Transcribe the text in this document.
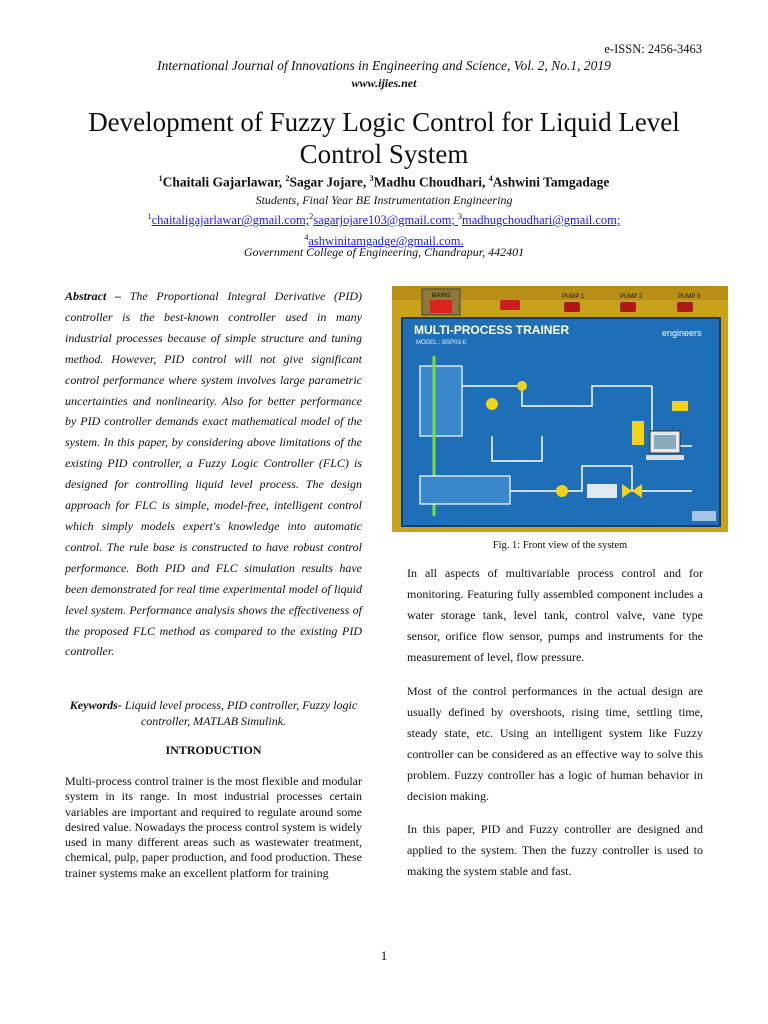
e-ISSN: 2456-3463
International Journal of Innovations in Engineering and Science, Vol. 2, No.1, 2019
www.ijies.net
Development of Fuzzy Logic Control for Liquid Level Control System
$^1$Chaitali Gajarlawar, $^2$Sagar Jojare, $^3$Madhu Choudhari, $^4$Ashwini Tamgadage
Students, Final Year BE Instrumentation Engineering
$^1$chaitaligajarlawar@gmail.com;$^2$sagarjojare103@gmail.com; $^3$madhugchoudhari@gmail.com;
$^4$ashwinitamgadge@gmail.com.
Government College of Engineering, Chandrapur, 442401
Abstract – The Proportional Integral Derivative (PID) controller is the best-known controller used in many industrial processes because of simple structure and tuning method. However, PID control will not give significant control performance where system involves large parametric uncertainties and nonlinearity. Also for better performance by PID controller demands exact mathematical model of the system. In this paper, by considering above limitations of the existing PID controller, a Fuzzy Logic Controller (FLC) is designed for controlling liquid level process. The design approach for FLC is simple, model-free, intelligent control which simply models expert's knowledge into automatic control. The rule base is constructed to have robust control performance. Both PID and FLC simulation results have been demonstrated for real time experimental model of liquid level system. Performance analysis shows the effectiveness of the proposed FLC method as compared to the existing PID controller.
Keywords- Liquid level process, PID controller, Fuzzy logic controller, MATLAB Simulink.
INTRODUCTION
Multi-process control trainer is the most flexible and modular system in its range. In most industrial processes certain variables are important and required to regulate around some desired value. Nowadays the process control system is widely used in many different areas such as wastewater treatment, chemical, pulp, paper production, and food production. These trainer systems make an excellent platform for training
MAINS	PUMP 1	PUMP 2	PUMP 3
MULTI-PROCESS TRAINER
MODEL : BSP03-E
engineers
Fig. 1: Front view of the system
In all aspects of multivariable process control and for monitoring. Featuring fully assembled component includes a water storage tank, level tank, control valve, vane type sensor, orifice flow sensor, pumps and instruments for the measurement of level, flow pressure.
Most of the control performances in the actual design are usually defined by overshoots, rising time, settling time, steady state, etc. Using an intelligent system like Fuzzy controller can be considered as an effective way to solve this problem. Fuzzy controller has a logic of human behavior in decision making.
In this paper, PID and Fuzzy controller are designed and applied to the system. Then the fuzzy controller is used to making the system stable and fast.
1
